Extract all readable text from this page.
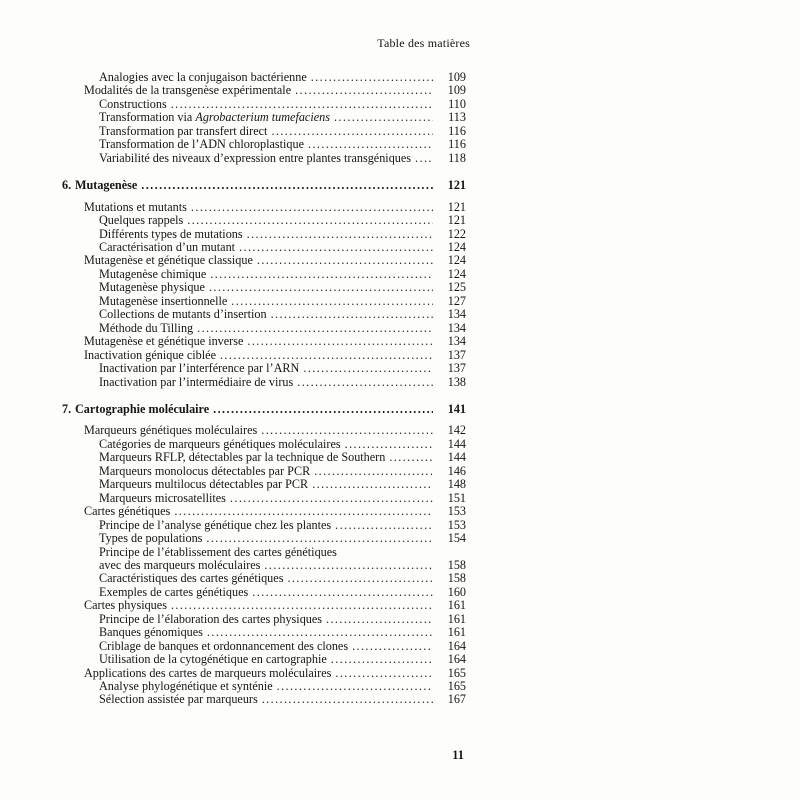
Table des matières
Analogies avec la conjugaison bactérienne .....	109
Modalités de la transgenèse expérimentale .....	109
Constructions .....	110
Transformation via Agrobacterium tumefaciens .....	113
Transformation par transfert direct .....	116
Transformation de l’ADN chloroplastique .....	116
Variabilité des niveaux d’expression entre plantes transgéniques .....	118
6. Mutagenèse .....	121
Mutations et mutants .....	121
Quelques rappels .....	121
Différents types de mutations .....	122
Caractérisation d’un mutant .....	124
Mutagenèse et génétique classique .....	124
Mutagenèse chimique .....	124
Mutagenèse physique .....	125
Mutagenèse insertionnelle .....	127
Collections de mutants d’insertion .....	134
Méthode du Tilling .....	134
Mutagenèse et génétique inverse .....	134
Inactivation génique ciblée .....	137
Inactivation par l’interférence par l’ARN .....	137
Inactivation par l’intermédiaire de virus .....	138
7. Cartographie moléculaire .....	141
Marqueurs génétiques moléculaires .....	142
Catégories de marqueurs génétiques moléculaires .....	144
Marqueurs RFLP, détectables par la technique de Southern .....	144
Marqueurs monolocus détectables par PCR .....	146
Marqueurs multilocus détectables par PCR .....	148
Marqueurs microsatellites .....	151
Cartes génétiques .....	153
Principe de l’analyse génétique chez les plantes .....	153
Types de populations .....	154
Principe de l’établissement des cartes génétiques
avec des marqueurs moléculaires .....	158
Caractéristiques des cartes génétiques .....	158
Exemples de cartes génétiques .....	160
Cartes physiques .....	161
Principe de l’élaboration des cartes physiques .....	161
Banques génomiques .....	161
Criblage de banques et ordonnancement des clones .....	164
Utilisation de la cytogénétique en cartographie .....	164
Applications des cartes de marqueurs moléculaires .....	165
Analyse phylogénétique et synténie .....	165
Sélection assistée par marqueurs .....	167
11
